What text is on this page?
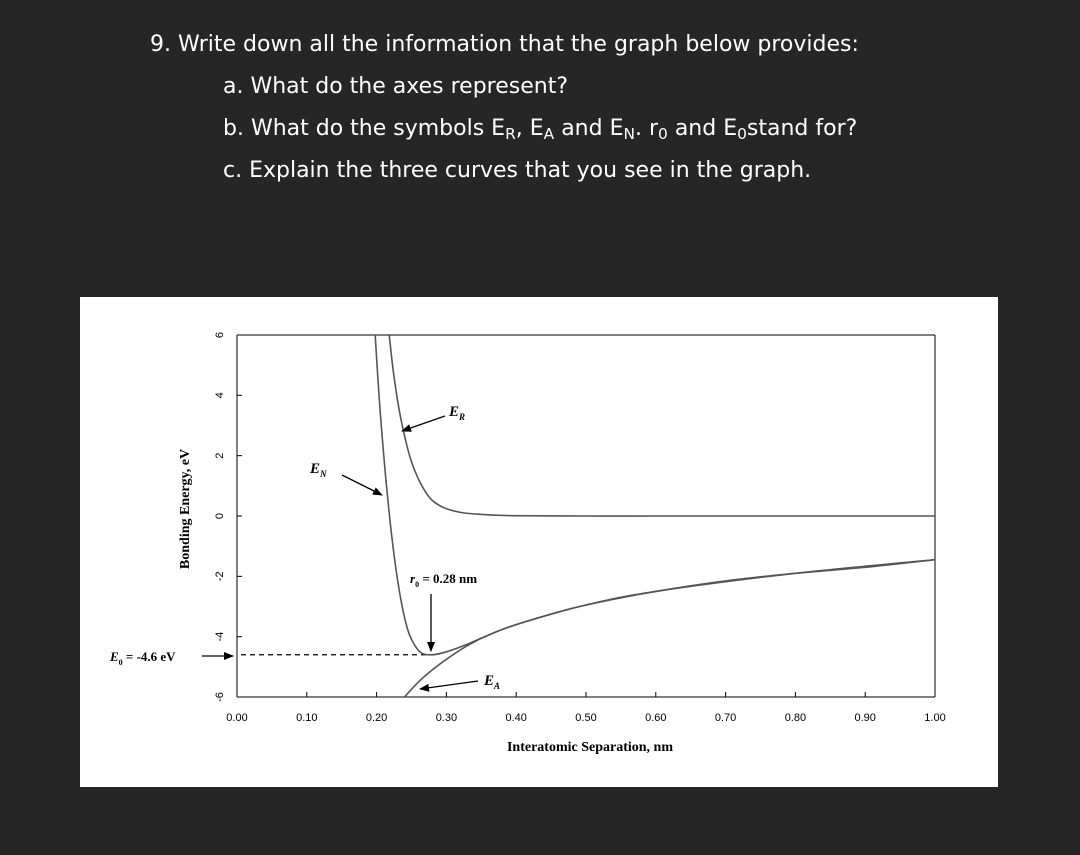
9. Write down all the information that the graph below provides:
a. What do the axes represent?
b. What do the symbols $E_R$, $E_A$ and $E_N$. $r_0$ and $E_0stand$ for?
c. Explain the three curves that you see in the graph.
0.00	0.10	0.20	0.30	0.40	0.50	0.60	0.70	0.80	0.90	1.00
-6
-4
-2
0
2
4
6
Interatomic Separation, nm
Bonding Energy, eV
$E_R$
$E_N$
$r_0 = 0.28$ nm
$E_A$
$E_0 = -4.6$ eV
